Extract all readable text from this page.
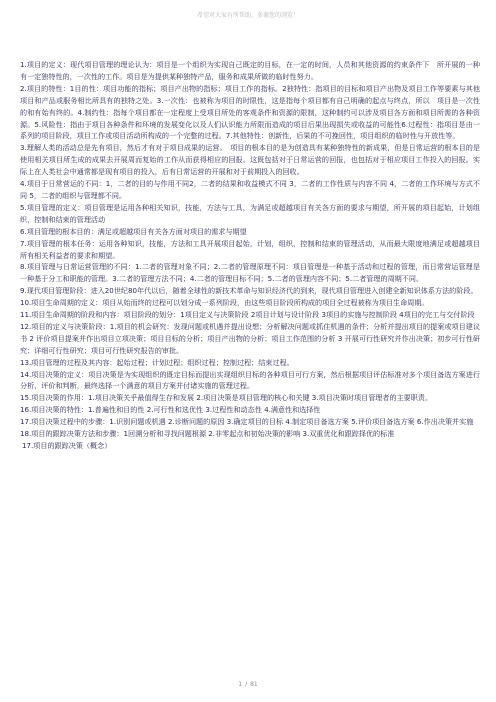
希望对大家有所帮助，多谢您的浏览！

1.项目的定义：现代项目管理的理论认为：项目是一个组织为实现自己既定的目标，在一定的时间，人员和其他资源的约束条件下　所开展的一种有一定独特性的，一次性的工作。项目是为提供某种独特产品，服务和成果所做的临时性努力。

2.项目的特性：1目的性：项目功能的指标；项目产出物的指标；项目工作的指标。2独特性：指项目的目标和项目产出物及项目工作等要素与其他项目和产品或服务相比所具有的独特之处。3.一次性：也被称为项目的时限性，这是指每个项目都有自己明确的起点与终点，所以　项目是一次性的和有始有终的。4.制约性：指每个项目都在一定程度上受项目所处的客观条件和资源的限制，这种制约可以涉及项目各方面和项目所需的各种资源。5.风险性：指由于项目各种条件和环境的发展变化以及人们认识能力所限而造成的项目后果出现损失或收益的可能性6.过程性：指项目是由一系列的项目阶段，项目工作或项目活动所构成的一个完整的过程。7.其他特性：创新性，后果的不可挽回性，项目组织的临时性与开放性等。

3.理解人类的活动总是先有项目，然后才有对于项目成果的运营。　项目的根本目的是为创造具有某种独特性的新成果，但是日常运营的根本目的是使用相关项目所生成的成果去开展周而复始的工作从而获得相应的回报。这既包括对于日常运营的回报，也包括对于相应项目工作投入的回报。实际上在人类社会中通常都是现有项目的投入，后有日常运营的开展和对于前期投入的回收。

4.项目于日常营运的不同：1，二者的目的与作用不同2，二者的结果和收益模式不同 3，二者的工作性质与内容不同 4，二者的工作环境与方式不同 5，二者的组织与管理都不同。

5.项目管理的定义：项目管理是运用各种相关知识，技能，方法与工具，为满足或超越项目有关各方面的要求与期望，所开展的项目起始，计划组织，控制和结束的管理活动

6.项目管理的根本目的：满足或超越项目有关各方面对项目的需求与期望

7.项目管理的根本任务：运用各种知识，技能，方法和工具开展项目起始，计划，组织，控制和结束的管理活动，从而最大限度地满足或超越项目所有相关利益者的要求和期望。

8.项目管理与日常运营管理的不同：1.二者的管理对象不同；2.二者的管理原理不同：项目管理是一种基于活动和过程的管理，而日常营运管理是一种基于分工和职能的管理。3.二者的管理方法不同；4.二者的管理目标不同；5.二者的管理内容不同；5.二者管理的周期不同。

9.现代项目管理阶段：进入20世纪80年代以后，随着全球性的新技术革命与知识经济代的到来，现代项目管理进入创建全新知识体系方法的阶段。

10.项目生命周期的定义：项目从始而终的过程可以划分成一系列阶段，由这些项目阶段所构成的项目全过程被称为项目生命周期。

11.项目生命周期的阶段和内容：项目阶段的划分：1项目定义与决策阶段 2项目计划与设计阶段 3项目的实施与控制阶段 4项目的完工与交付阶段

12.项目的定义与决策阶段：1.项目的机会研究：发现问题或机遇并提出设想；分析解决问题或抓住机遇的条件；分析并提出项目的提案或项目建议书 2 评价项目提案并作出项目立项决策；项目目标的分析；项目产出物的分析；项目工作范围的分析 3 开展可行性研究并作出决策；初步可行性研究；详细可行性研究；项目可行性研究报告的审批。

13.项目管理的过程及其内容：起始过程；计划过程；组织过程；控制过程；结束过程。

14.项目决策的定义：项目决策是为实现组织的既定目标而提出实现组织目标的各种项目可行方案，然后根据项目评估标准对多个项目备选方案进行分析，评价和判断，最终选择一个满意的项目方案并付诸实施的管理过程。

15.项目决策的作用：1.项目决策关乎最值得生存和发展 2.项目决策是项目管理的核心和关键 3.项目决策时项目管理者的主要职责。

16.项目决策的特性：1.普遍性和目的性 2.可行性和选优性 3.过程性和动态性 4.满意性和选择性

17.项目决策过程中的步骤：1.识别问题或机遇 2.诊断问题的原因 3.确定项目的目标 4.制定项目备选方案 5.评价项目备选方案 6.作出决策并实施

18.项目的跟踪决策方法和步骤：1回溯分析和寻找问题根源 2.非零起点和初始决策的影响 3.双重优化和跟踪择优的标准

17.项目的跟踪决策（概念）

1 / 81
